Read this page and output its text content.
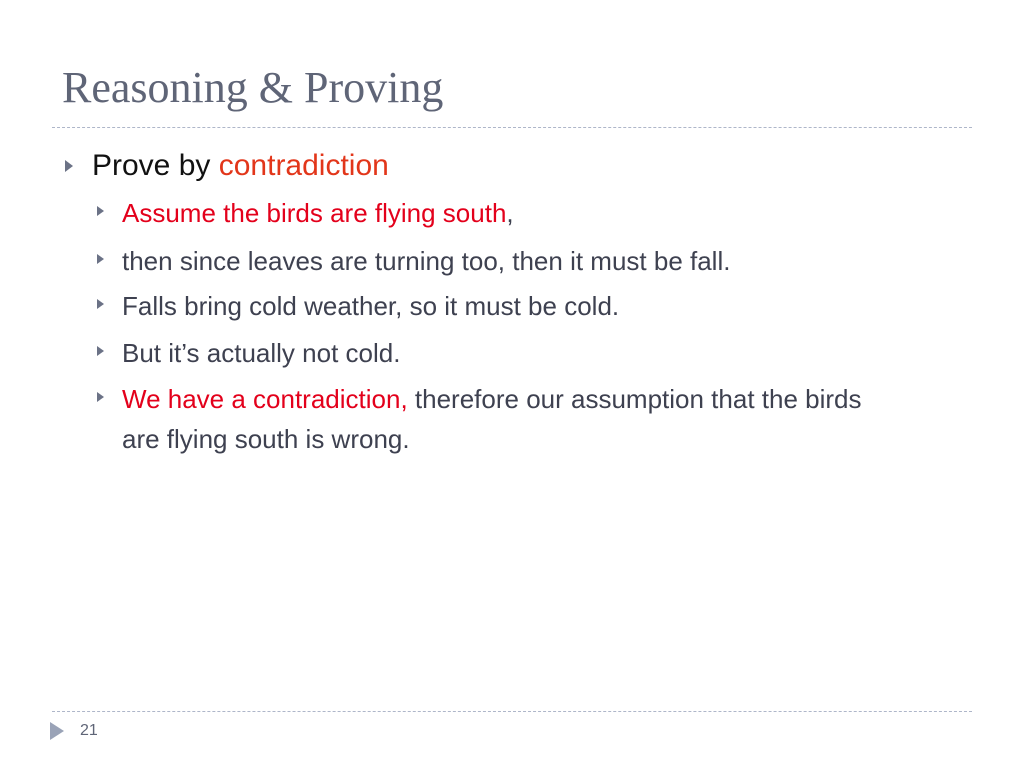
Reasoning & Proving
Prove by contradiction
Assume the birds are flying south,
then since leaves are turning too, then it must be fall.
Falls bring cold weather, so it must be cold.
But it’s actually not cold.
We have a contradiction, therefore our assumption that the birds are flying south is wrong.
21
